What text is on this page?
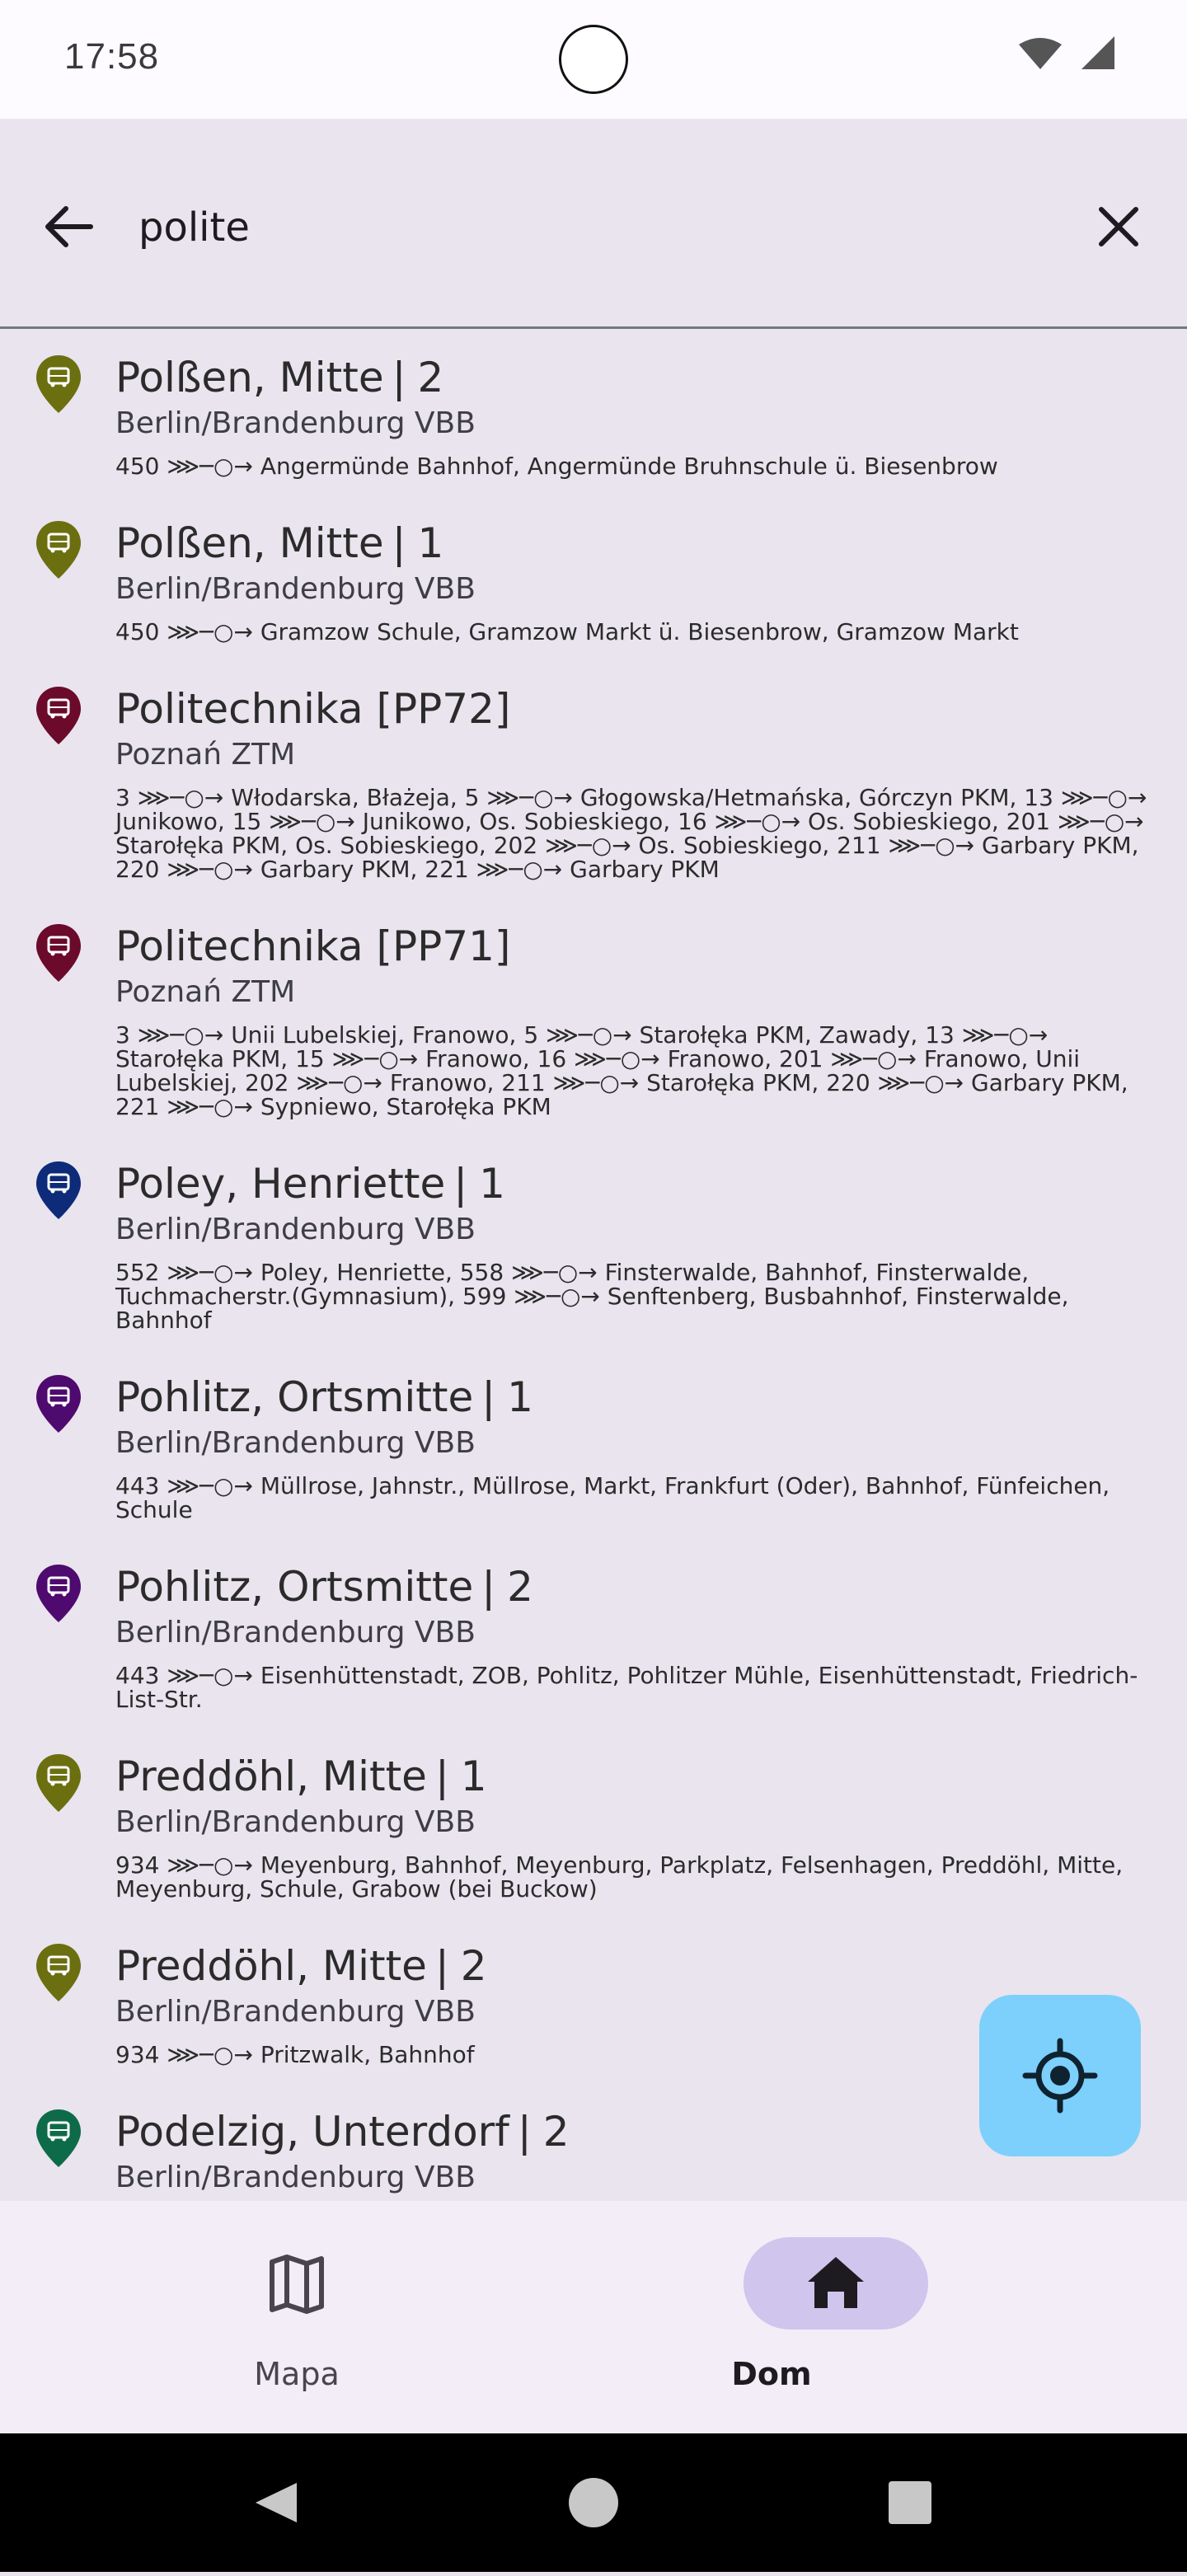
17:58
polite
Polßen, Mitte | 2
Berlin/Brandenburg VBB
450 ⋙─○→ Angermünde Bahnhof, Angermünde Bruhnschule ü. Biesenbrow
Polßen, Mitte | 1
Berlin/Brandenburg VBB
450 ⋙─○→ Gramzow Schule, Gramzow Markt ü. Biesenbrow, Gramzow Markt
Politechnika [PP72]
Poznań ZTM
3 ⋙─○→ Włodarska, Błażeja, 5 ⋙─○→ Głogowska/Hetmańska, Górczyn PKM, 13 ⋙─○→ Junikowo, 15 ⋙─○→ Junikowo, Os. Sobieskiego, 16 ⋙─○→ Os. Sobieskiego, 201 ⋙─○→ Starołęka PKM, Os. Sobieskiego, 202 ⋙─○→ Os. Sobieskiego, 211 ⋙─○→ Garbary PKM, 220 ⋙─○→ Garbary PKM, 221 ⋙─○→ Garbary PKM
Politechnika [PP71]
Poznań ZTM
3 ⋙─○→ Unii Lubelskiej, Franowo, 5 ⋙─○→ Starołęka PKM, Zawady, 13 ⋙─○→ Starołęka PKM, 15 ⋙─○→ Franowo, 16 ⋙─○→ Franowo, 201 ⋙─○→ Franowo, Unii Lubelskiej, 202 ⋙─○→ Franowo, 211 ⋙─○→ Starołęka PKM, 220 ⋙─○→ Garbary PKM, 221 ⋙─○→ Sypniewo, Starołęka PKM
Poley, Henriette | 1
Berlin/Brandenburg VBB
552 ⋙─○→ Poley, Henriette, 558 ⋙─○→ Finsterwalde, Bahnhof, Finsterwalde, Tuchmacherstr.(Gymnasium), 599 ⋙─○→ Senftenberg, Busbahnhof, Finsterwalde, Bahnhof
Pohlitz, Ortsmitte | 1
Berlin/Brandenburg VBB
443 ⋙─○→ Müllrose, Jahnstr., Müllrose, Markt, Frankfurt (Oder), Bahnhof, Fünfeichen, Schule
Pohlitz, Ortsmitte | 2
Berlin/Brandenburg VBB
443 ⋙─○→ Eisenhüttenstadt, ZOB, Pohlitz, Pohlitzer Mühle, Eisenhüttenstadt, Friedrich-List-Str.
Preddöhl, Mitte | 1
Berlin/Brandenburg VBB
934 ⋙─○→ Meyenburg, Bahnhof, Meyenburg, Parkplatz, Felsenhagen, Preddöhl, Mitte, Meyenburg, Schule, Grabow (bei Buckow)
Preddöhl, Mitte | 2
Berlin/Brandenburg VBB
934 ⋙─○→ Pritzwalk, Bahnhof
Podelzig, Unterdorf | 2
Berlin/Brandenburg VBB
Mapa	Dom
